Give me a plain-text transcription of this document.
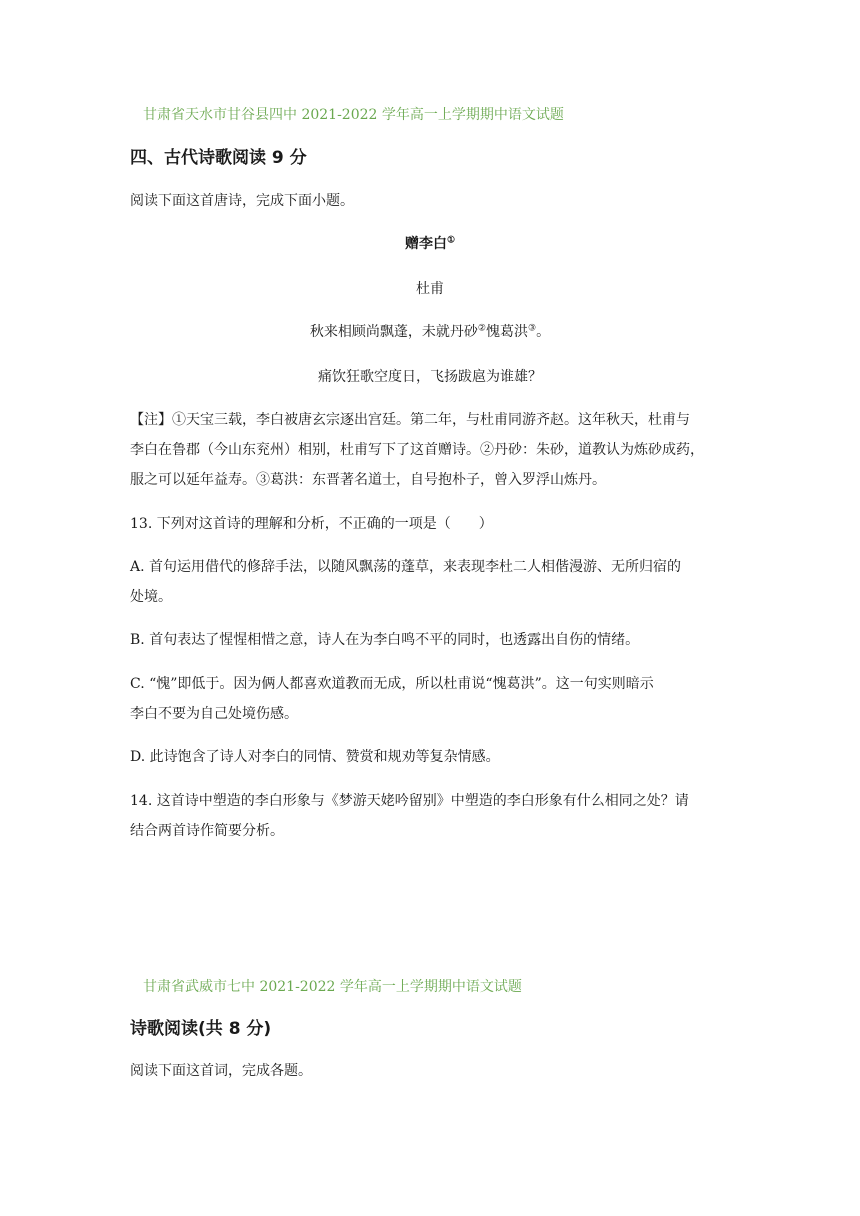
甘肃省天水市甘谷县四中 2021-2022 学年高一上学期期中语文试题
四、古代诗歌阅读 9 分
阅读下面这首唐诗，完成下面小题。
赠李白①
杜甫
秋来相顾尚飘蓬，未就丹砂②愧葛洪③。
痛饮狂歌空度日，飞扬跋扈为谁雄？
【注】①天宝三载，李白被唐玄宗逐出宫廷。第二年，与杜甫同游齐赵。这年秋天，杜甫与
李白在鲁郡（今山东兖州）相别，杜甫写下了这首赠诗。②丹砂：朱砂，道教认为炼砂成药，
服之可以延年益寿。③葛洪：东晋著名道士，自号抱朴子，曾入罗浮山炼丹。
13. 下列对这首诗的理解和分析，不正确的一项是（　　）
A. 首句运用借代的修辞手法，以随风飘荡的蓬草，来表现李杜二人相偕漫游、无所归宿的
处境。
B. 首句表达了惺惺相惜之意，诗人在为李白鸣不平的同时，也透露出自伤的情绪。
C. “愧”即低于。因为俩人都喜欢道教而无成，所以杜甫说“愧葛洪”。这一句实则暗示
李白不要为自己处境伤感。
D. 此诗饱含了诗人对李白的同情、赞赏和规劝等复杂情感。
14. 这首诗中塑造的李白形象与《梦游天姥吟留别》中塑造的李白形象有什么相同之处？请
结合两首诗作简要分析。
甘肃省武威市七中 2021-2022 学年高一上学期期中语文试题
诗歌阅读(共 8 分)
阅读下面这首词，完成各题。
